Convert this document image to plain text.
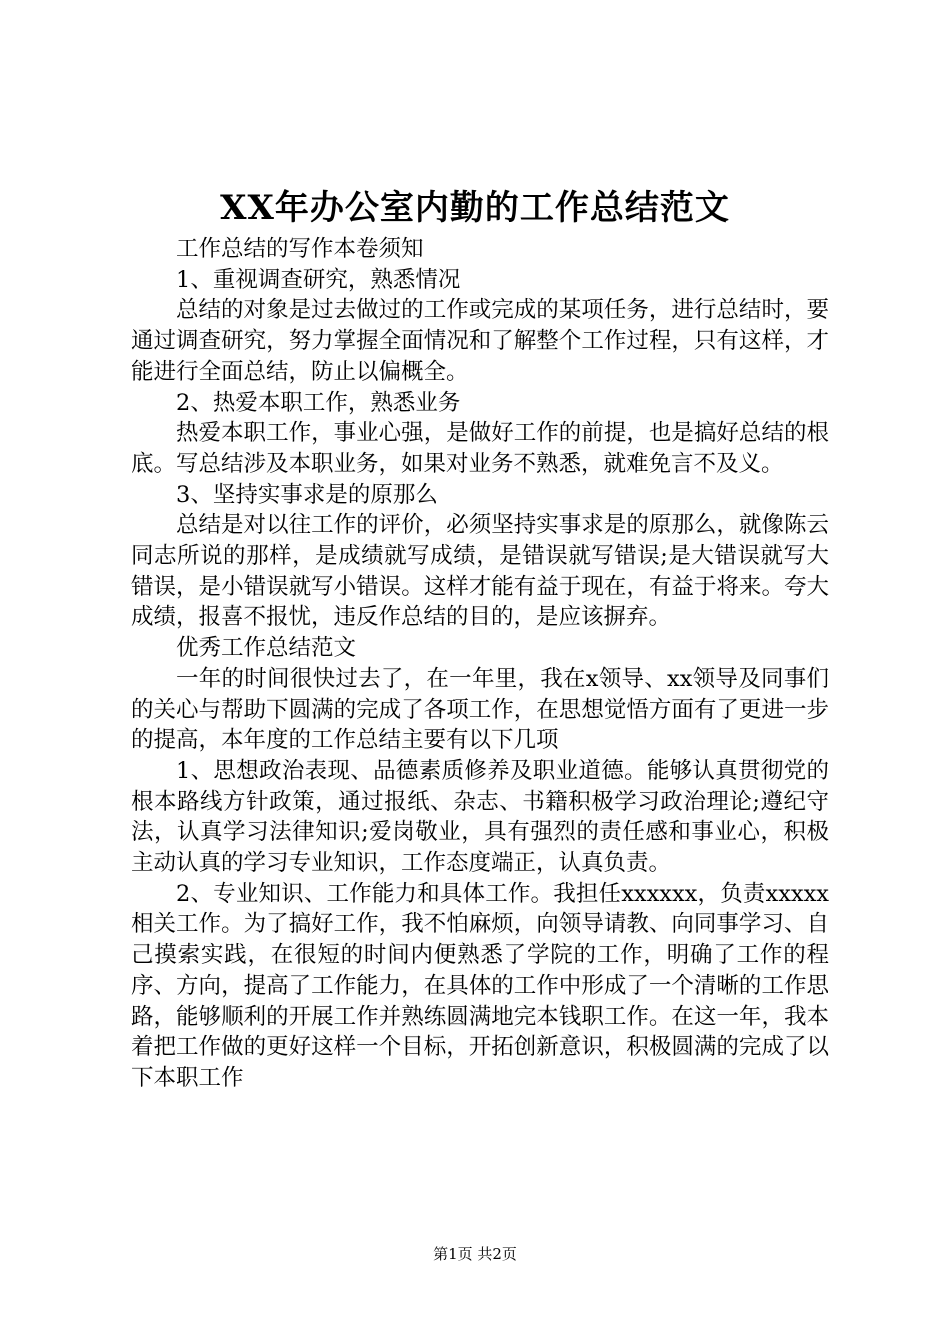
XX年办公室内勤的工作总结范文

工作总结的写作本卷须知

1、重视调查研究，熟悉情况

总结的对象是过去做过的工作或完成的某项任务，进行总结时，要通过调查研究，努力掌握全面情况和了解整个工作过程，只有这样，才能进行全面总结，防止以偏概全。

2、热爱本职工作，熟悉业务

热爱本职工作，事业心强，是做好工作的前提，也是搞好总结的根底。写总结涉及本职业务，如果对业务不熟悉，就难免言不及义。

3、坚持实事求是的原那么

总结是对以往工作的评价，必须坚持实事求是的原那么，就像陈云同志所说的那样，是成绩就写成绩，是错误就写错误;是大错误就写大错误，是小错误就写小错误。这样才能有益于现在，有益于将来。夸大成绩，报喜不报忧，违反作总结的目的，是应该摒弃。

优秀工作总结范文

一年的时间很快过去了，在一年里，我在x领导、xx领导及同事们的关心与帮助下圆满的完成了各项工作，在思想觉悟方面有了更进一步的提高，本年度的工作总结主要有以下几项

1、思想政治表现、品德素质修养及职业道德。能够认真贯彻党的根本路线方针政策，通过报纸、杂志、书籍积极学习政治理论;遵纪守法，认真学习法律知识;爱岗敬业，具有强烈的责任感和事业心，积极主动认真的学习专业知识，工作态度端正，认真负责。

2、专业知识、工作能力和具体工作。我担任xxxxxx，负责xxxxx相关工作。为了搞好工作，我不怕麻烦，向领导请教、向同事学习、自己摸索实践，在很短的时间内便熟悉了学院的工作，明确了工作的程序、方向，提高了工作能力，在具体的工作中形成了一个清晰的工作思路，能够顺利的开展工作并熟练圆满地完本钱职工作。在这一年，我本着把工作做的更好这样一个目标，开拓创新意识，积极圆满的完成了以下本职工作

第1页 共2页
